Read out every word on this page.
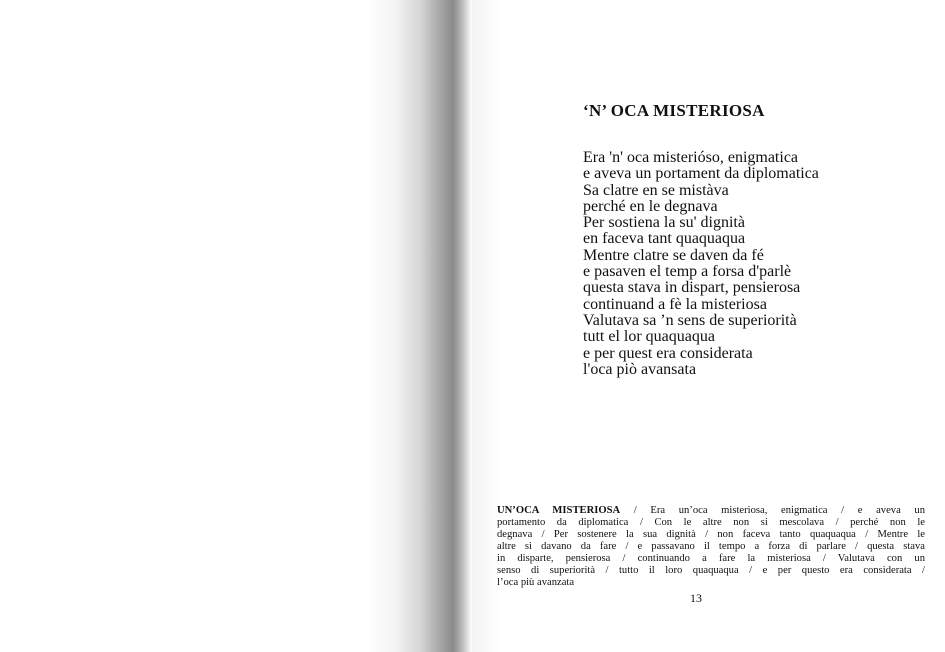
‘N’ OCA MISTERIOSA
Era 'n' oca misterióso, enigmatica
e aveva un portament da diplomatica
Sa clatre en se mistàva
perché en le degnava
Per sostiena la su' dignità
en faceva tant quaquaqua
Mentre clatre se daven da fé
e pasaven el temp a forsa d'parlè
questa stava in dispart, pensierosa
continuand a fè la misteriosa
Valutava sa ’n sens de superiorità
tutt el lor quaquaqua
e per quest era considerata
l'oca piò avansata
UN’OCA MISTERIOSA / Era un’oca misteriosa, enigmatica / e aveva un
portamento da diplomatica / Con le altre non si mescolava / perché non le
degnava / Per sostenere la sua dignità / non faceva tanto quaquaqua / Mentre le
altre si davano da fare / e passavano il tempo a forza di parlare / questa stava
in disparte, pensierosa / continuando a fare la misteriosa / Valutava con un
senso di superiorità / tutto il loro quaquaqua / e per questo era considerata /
l’oca più avanzata
13
